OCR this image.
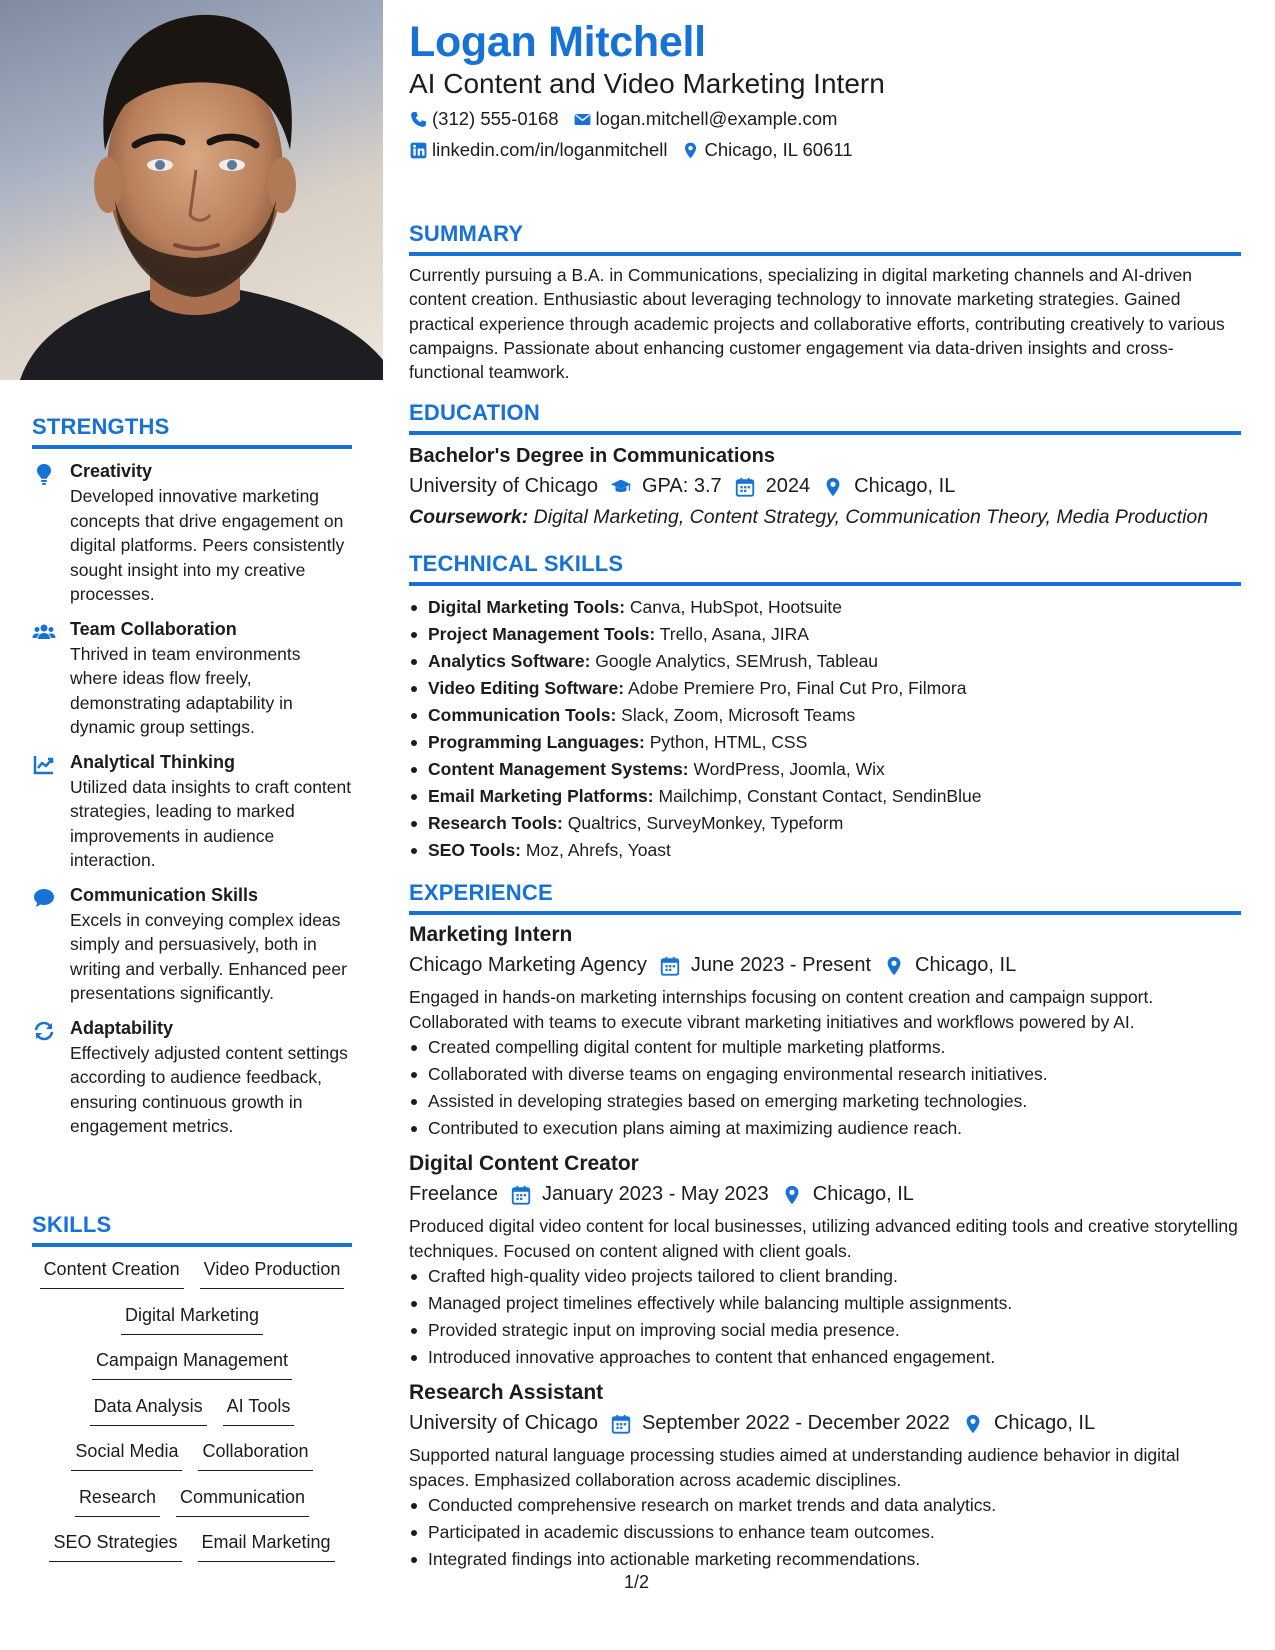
STRENGTHS
Creativity
Developed innovative marketing concepts that drive engagement on digital platforms. Peers consistently sought insight into my creative processes.
Team Collaboration
Thrived in team environments where ideas flow freely, demonstrating adaptability in dynamic group settings.
Analytical Thinking
Utilized data insights to craft content strategies, leading to marked improvements in audience interaction.
Communication Skills
Excels in conveying complex ideas simply and persuasively, both in writing and verbally. Enhanced peer presentations significantly.
Adaptability
Effectively adjusted content settings according to audience feedback, ensuring continuous growth in engagement metrics.
SKILLS
Content Creation Video Production
Digital Marketing
Campaign Management
Data Analysis AI Tools
Social Media Collaboration
Research Communication
SEO Strategies Email Marketing
Logan Mitchell
AI Content and Video Marketing Intern
(312) 555-0168 logan.mitchell@example.com
linkedin.com/in/loganmitchell Chicago, IL 60611
SUMMARY

Currently pursuing a B.A. in Communications, specializing in digital marketing channels and AI-driven content creation. Enthusiastic about leveraging technology to innovate marketing strategies. Gained practical experience through academic projects and collaborative efforts, contributing creatively to various campaigns. Passionate about enhancing customer engagement via data-driven insights and cross-functional teamwork.

EDUCATION
Bachelor's Degree in Communications
University of Chicago GPA: 3.7 2024 Chicago, IL
Coursework: Digital Marketing, Content Strategy, Communication Theory, Media Production
TECHNICAL SKILLS
Digital Marketing Tools: Canva, HubSpot, Hootsuite
Project Management Tools: Trello, Asana, JIRA
Analytics Software: Google Analytics, SEMrush, Tableau
Video Editing Software: Adobe Premiere Pro, Final Cut Pro, Filmora
Communication Tools: Slack, Zoom, Microsoft Teams
Programming Languages: Python, HTML, CSS
Content Management Systems: WordPress, Joomla, Wix
Email Marketing Platforms: Mailchimp, Constant Contact, SendinBlue
Research Tools: Qualtrics, SurveyMonkey, Typeform
SEO Tools: Moz, Ahrefs, Yoast
EXPERIENCE
Marketing Intern
Chicago Marketing Agency June 2023 - Present Chicago, IL
Engaged in hands-on marketing internships focusing on content creation and campaign support. Collaborated with teams to execute vibrant marketing initiatives and workflows powered by AI.
Created compelling digital content for multiple marketing platforms.
Collaborated with diverse teams on engaging environmental research initiatives.
Assisted in developing strategies based on emerging marketing technologies.
Contributed to execution plans aiming at maximizing audience reach.
Digital Content Creator
Freelance January 2023 - May 2023 Chicago, IL
Produced digital video content for local businesses, utilizing advanced editing tools and creative storytelling techniques. Focused on content aligned with client goals.
Crafted high-quality video projects tailored to client branding.
Managed project timelines effectively while balancing multiple assignments.
Provided strategic input on improving social media presence.
Introduced innovative approaches to content that enhanced engagement.
Research Assistant
University of Chicago September 2022 - December 2022 Chicago, IL
Supported natural language processing studies aimed at understanding audience behavior in digital spaces. Emphasized collaboration across academic disciplines.
Conducted comprehensive research on market trends and data analytics.
Participated in academic discussions to enhance team outcomes.
Integrated findings into actionable marketing recommendations.
1/2
